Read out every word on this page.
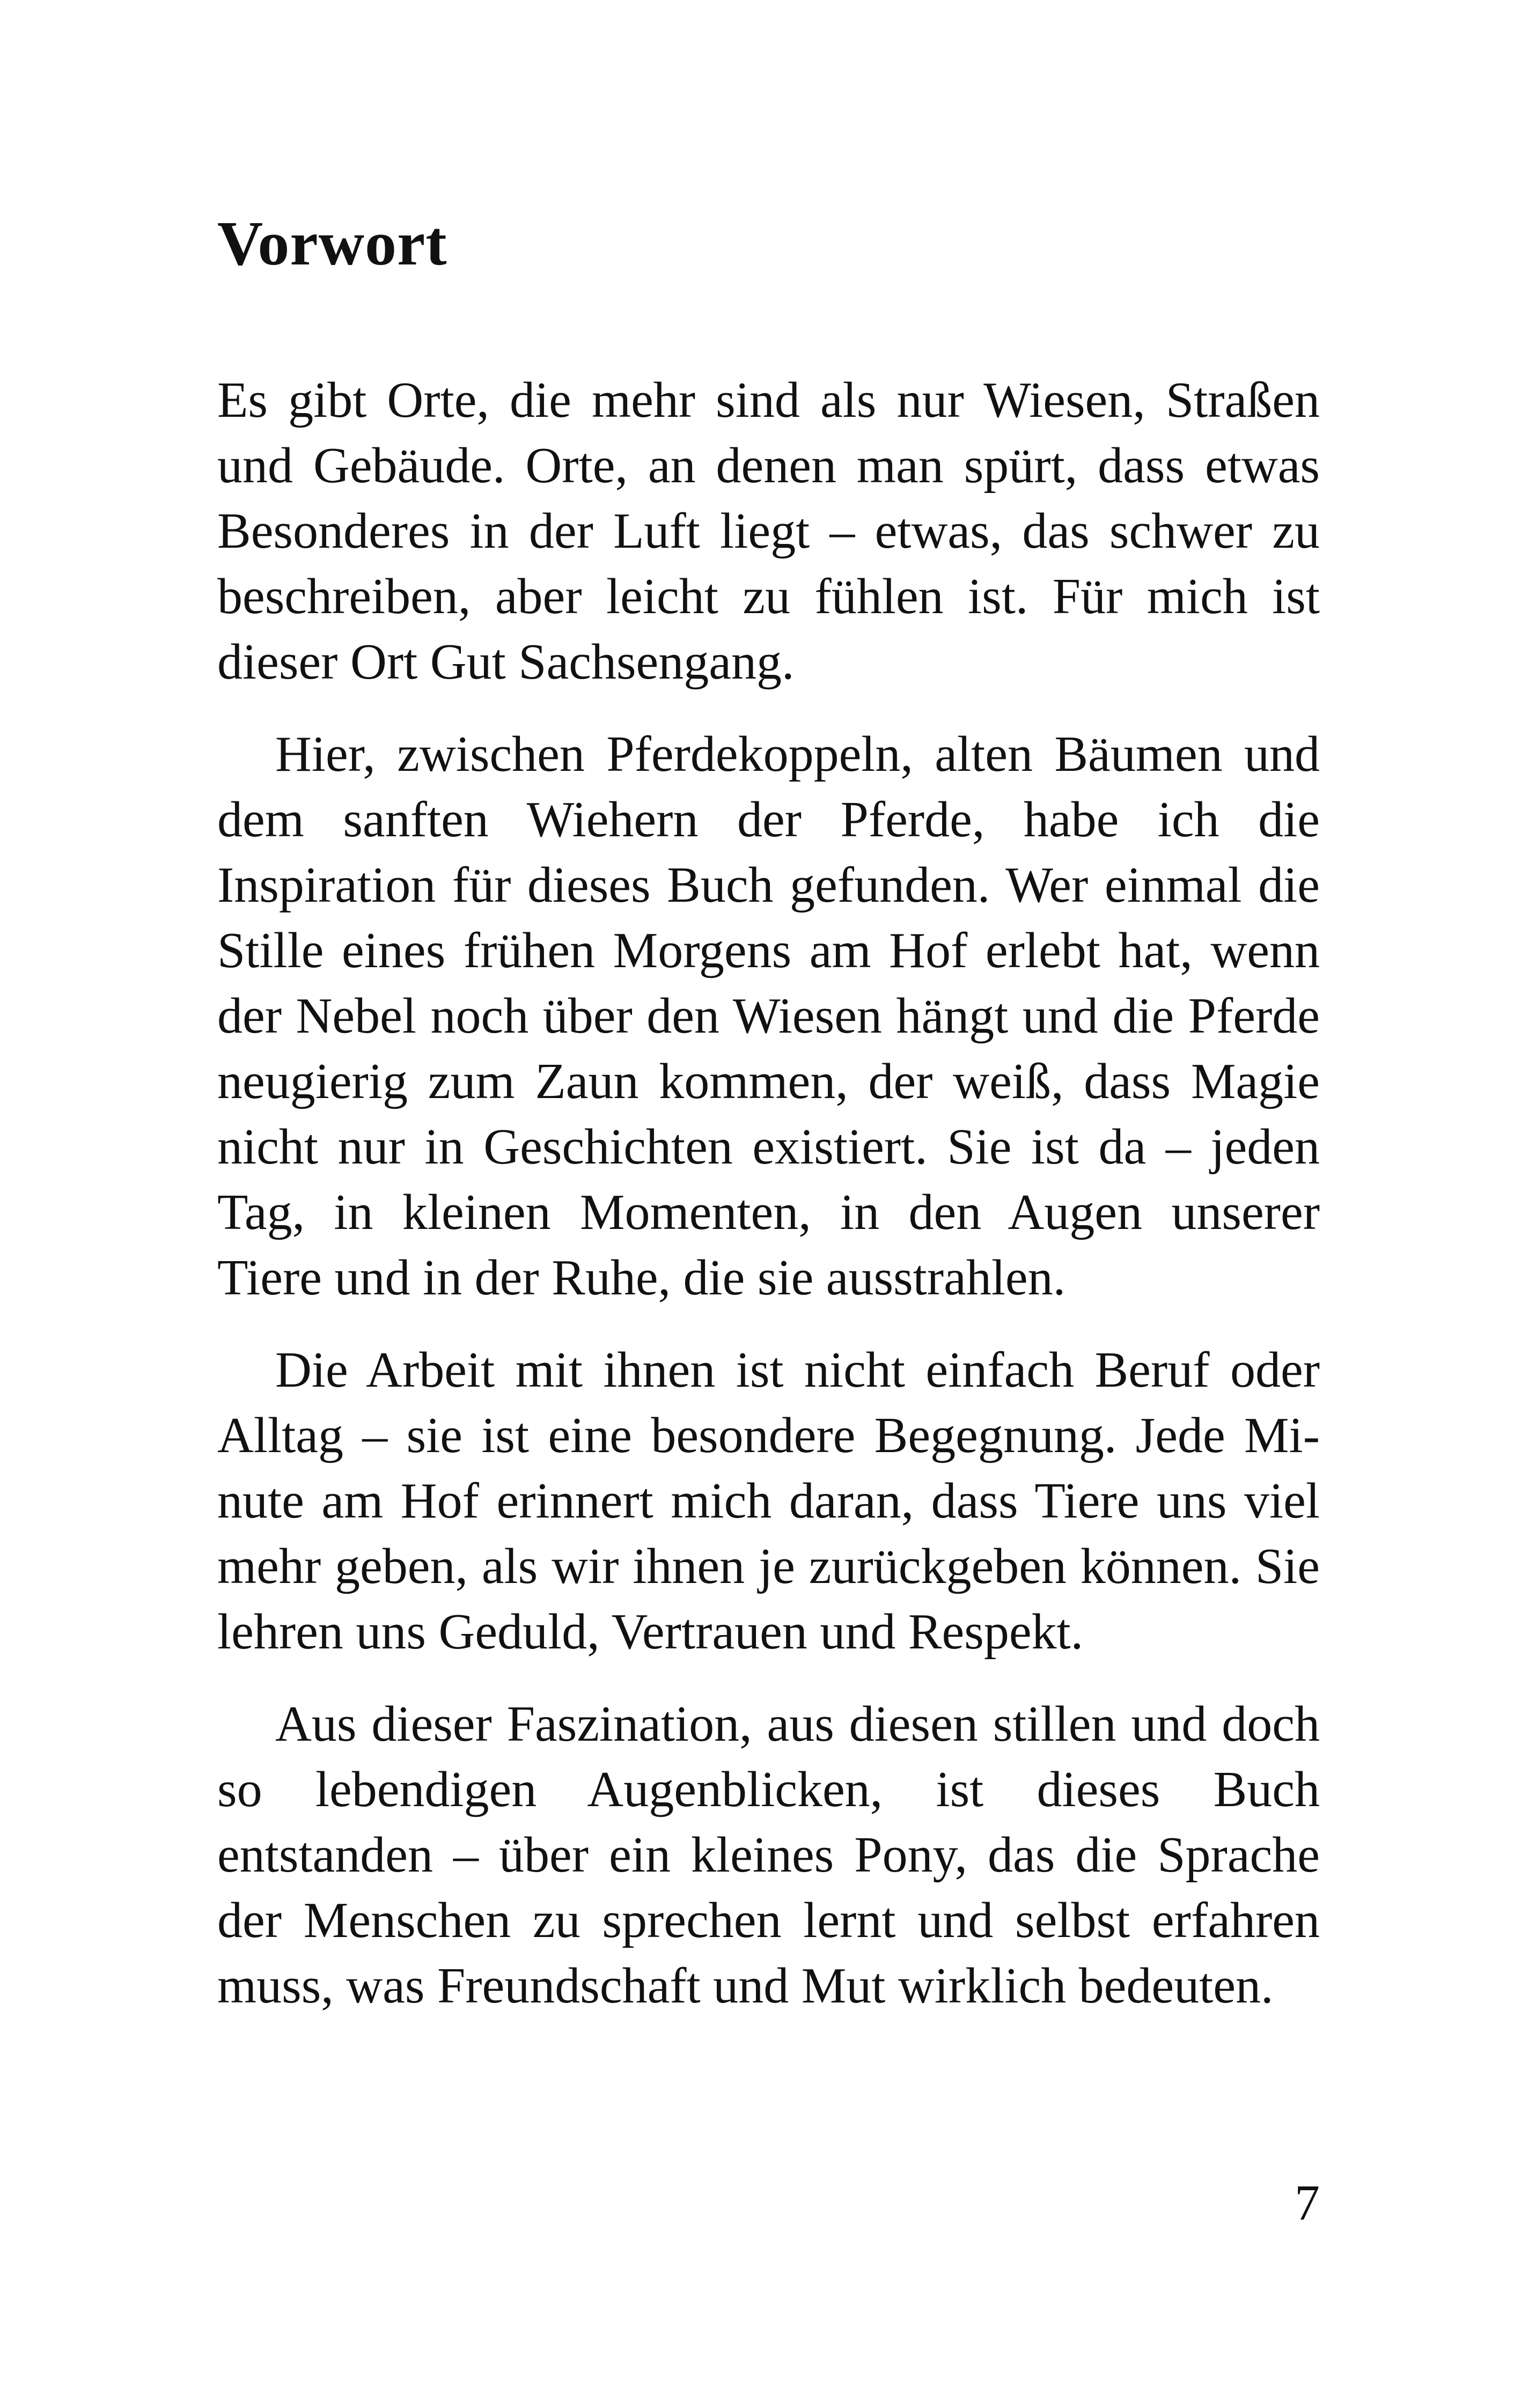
Vorwort

Es gibt Orte, die mehr sind als nur Wiesen, Straßen und Gebäude. Orte, an denen man spürt, dass etwas Besonderes in der Luft liegt – etwas, das schwer zu beschreiben, aber leicht zu fühlen ist. Für mich ist dieser Ort Gut Sachsengang.

Hier, zwischen Pferdekoppeln, alten Bäumen und dem sanften Wiehern der Pferde, habe ich die Inspiration für dieses Buch gefunden. Wer einmal die Stille eines frühen Morgens am Hof erlebt hat, wenn der Nebel noch über den Wiesen hängt und die Pferde neugierig zum Zaun kommen, der weiß, dass Magie nicht nur in Geschichten existiert. Sie ist da – jeden Tag, in kleinen Momenten, in den Augen unserer Tiere und in der Ruhe, die sie ausstrahlen.

Die Arbeit mit ihnen ist nicht einfach Beruf oder Alltag – sie ist eine besondere Begegnung. Jede Minute am Hof erinnert mich daran, dass Tiere uns viel mehr geben, als wir ihnen je zurückgeben können. Sie lehren uns Geduld, Vertrauen und Respekt.

Aus dieser Faszination, aus diesen stillen und doch so lebendigen Augenblicken, ist dieses Buch entstanden – über ein kleines Pony, das die Sprache der Menschen zu sprechen lernt und selbst erfahren muss, was Freundschaft und Mut wirklich bedeuten.

7
